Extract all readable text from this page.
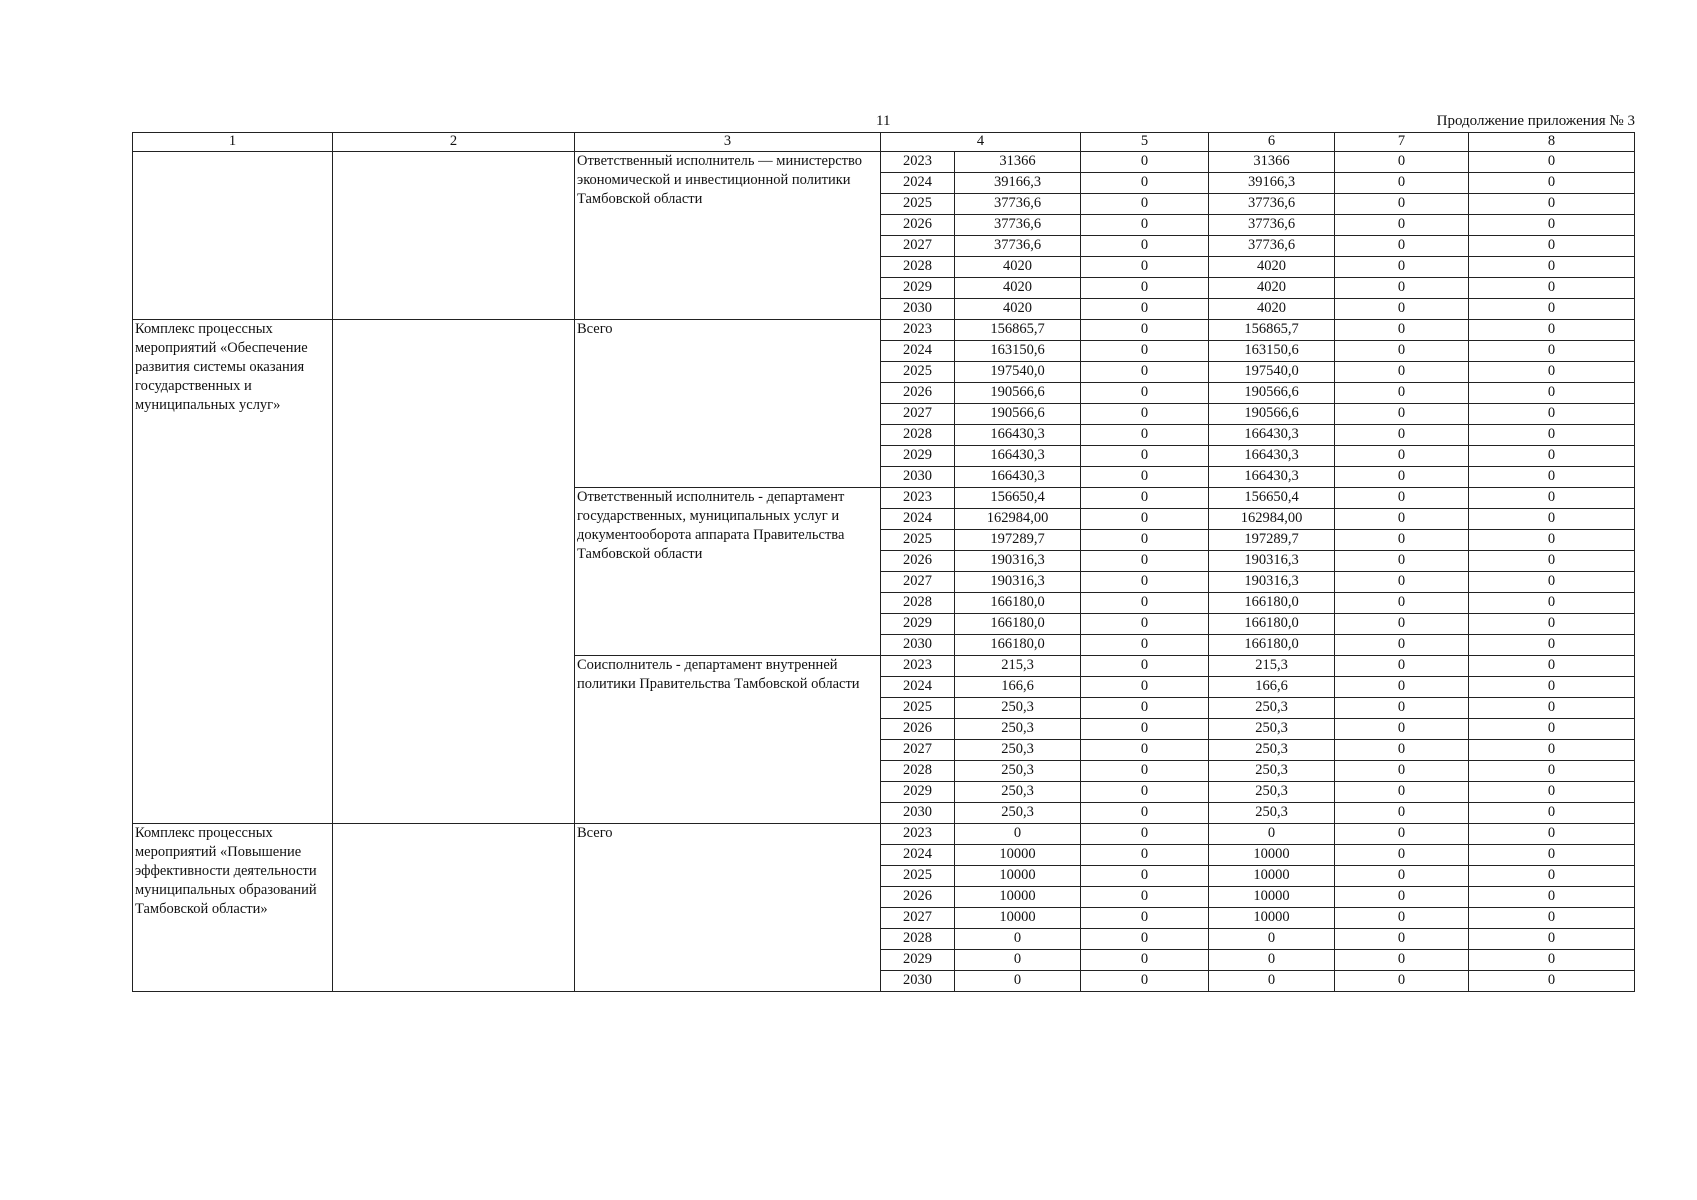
11	Продолжение приложения № 3
1	2	3	4		5	6	7	8
		Ответственный исполнитель — министерство экономической и инвестиционной политики Тамбовской области	2023	31366	0	31366	0	0
			2024	39166,3	0	39166,3	0	0
			2025	37736,6	0	37736,6	0	0
			2026	37736,6	0	37736,6	0	0
			2027	37736,6	0	37736,6	0	0
			2028	4020	0	4020	0	0
			2029	4020	0	4020	0	0
			2030	4020	0	4020	0	0
Комплекс процессных мероприятий «Обеспечение развития системы оказания государственных и муниципальных услуг»		Всего	2023	156865,7	0	156865,7	0	0
			2024	163150,6	0	163150,6	0	0
			2025	197540,0	0	197540,0	0	0
			2026	190566,6	0	190566,6	0	0
			2027	190566,6	0	190566,6	0	0
			2028	166430,3	0	166430,3	0	0
			2029	166430,3	0	166430,3	0	0
			2030	166430,3	0	166430,3	0	0
		Ответственный исполнитель - департамент государственных, муниципальных услуг и документооборота аппарата Правительства Тамбовской области	2023	156650,4	0	156650,4	0	0
			2024	162984,00	0	162984,00	0	0
			2025	197289,7	0	197289,7	0	0
			2026	190316,3	0	190316,3	0	0
			2027	190316,3	0	190316,3	0	0
			2028	166180,0	0	166180,0	0	0
			2029	166180,0	0	166180,0	0	0
			2030	166180,0	0	166180,0	0	0
		Соисполнитель - департамент внутренней политики Правительства Тамбовской области	2023	215,3	0	215,3	0	0
			2024	166,6	0	166,6	0	0
			2025	250,3	0	250,3	0	0
			2026	250,3	0	250,3	0	0
			2027	250,3	0	250,3	0	0
			2028	250,3	0	250,3	0	0
			2029	250,3	0	250,3	0	0
			2030	250,3	0	250,3	0	0
Комплекс процессных мероприятий «Повышение эффективности деятельности муниципальных образований Тамбовской области»		Всего	2023	0	0	0	0	0
			2024	10000	0	10000	0	0
			2025	10000	0	10000	0	0
			2026	10000	0	10000	0	0
			2027	10000	0	10000	0	0
			2028	0	0	0	0	0
			2029	0	0	0	0	0
			2030	0	0	0	0	0
